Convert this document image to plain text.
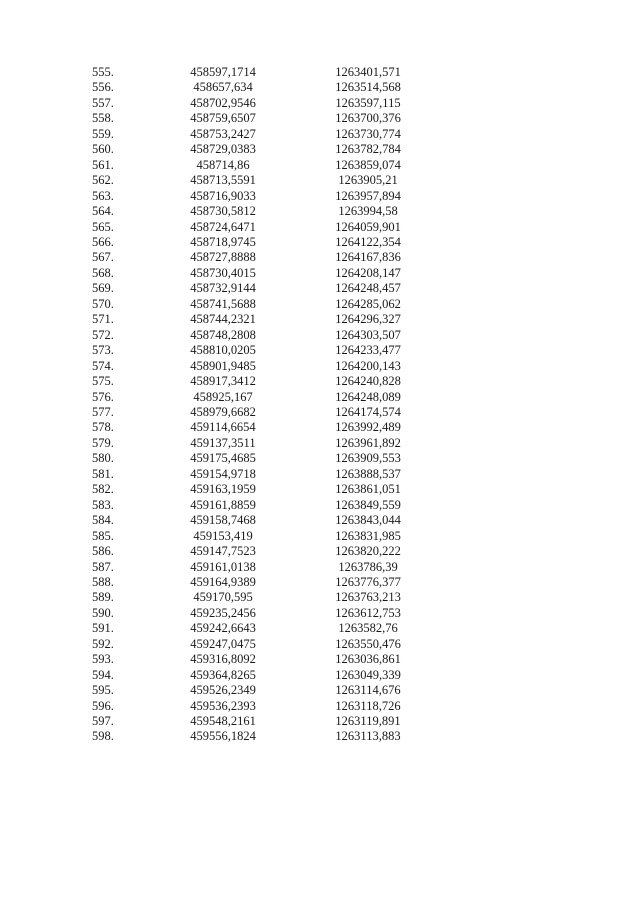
555.	458597,1714	1263401,571
556.	458657,634	1263514,568
557.	458702,9546	1263597,115
558.	458759,6507	1263700,376
559.	458753,2427	1263730,774
560.	458729,0383	1263782,784
561.	458714,86	1263859,074
562.	458713,5591	1263905,21
563.	458716,9033	1263957,894
564.	458730,5812	1263994,58
565.	458724,6471	1264059,901
566.	458718,9745	1264122,354
567.	458727,8888	1264167,836
568.	458730,4015	1264208,147
569.	458732,9144	1264248,457
570.	458741,5688	1264285,062
571.	458744,2321	1264296,327
572.	458748,2808	1264303,507
573.	458810,0205	1264233,477
574.	458901,9485	1264200,143
575.	458917,3412	1264240,828
576.	458925,167	1264248,089
577.	458979,6682	1264174,574
578.	459114,6654	1263992,489
579.	459137,3511	1263961,892
580.	459175,4685	1263909,553
581.	459154,9718	1263888,537
582.	459163,1959	1263861,051
583.	459161,8859	1263849,559
584.	459158,7468	1263843,044
585.	459153,419	1263831,985
586.	459147,7523	1263820,222
587.	459161,0138	1263786,39
588.	459164,9389	1263776,377
589.	459170,595	1263763,213
590.	459235,2456	1263612,753
591.	459242,6643	1263582,76
592.	459247,0475	1263550,476
593.	459316,8092	1263036,861
594.	459364,8265	1263049,339
595.	459526,2349	1263114,676
596.	459536,2393	1263118,726
597.	459548,2161	1263119,891
598.	459556,1824	1263113,883
